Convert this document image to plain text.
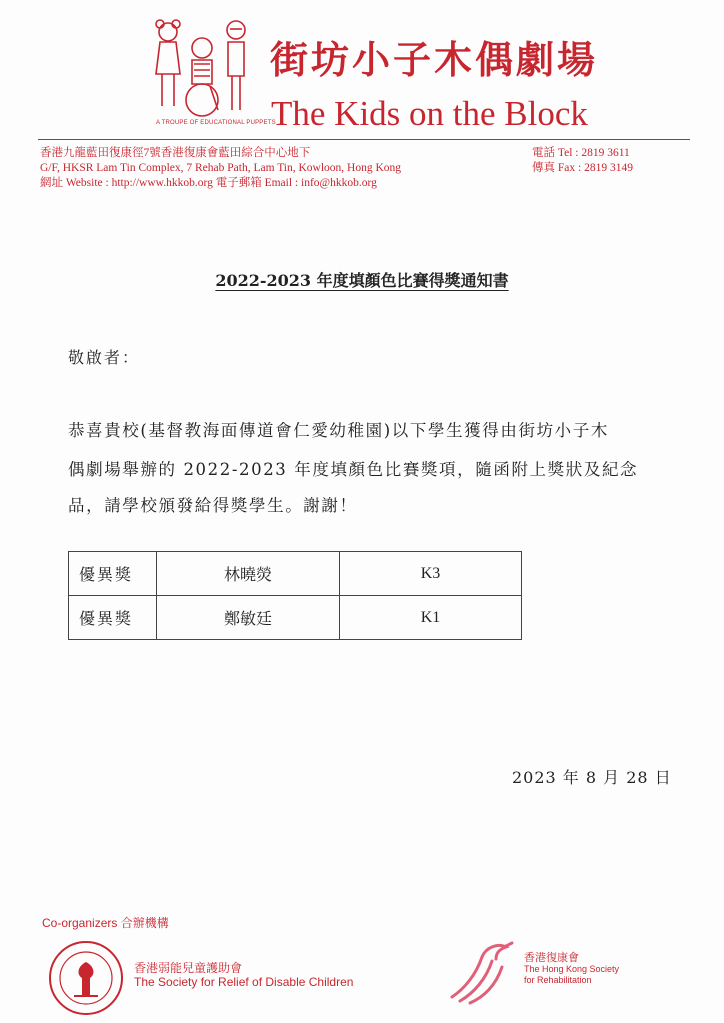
街坊小子木偶劇場
The Kids on the Block
A TROUPE OF EDUCATIONAL PUPPETS
香港九龍藍田復康徑7號香港復康會藍田綜合中心地下
G/F, HKSR Lam Tin Complex, 7 Rehab Path, Lam Tin, Kowloon, Hong Kong
網址 Website : http://www.hkkob.org 電子郵箱 Email : info@hkkob.org
電話 Tel : 2819 3611
傳真 Fax : 2819 3149
2022-2023 年度填顏色比賽得獎通知書
敬啟者：
恭喜貴校(基督教海面傳道會仁愛幼稚園)以下學生獲得由街坊小子木
偶劇場舉辦的 2022-2023 年度填顏色比賽獎項，隨函附上獎狀及紀念
品，請學校頒發給得獎學生。謝謝！
優異獎	林曉熒	K3
優異獎	鄭敏廷	K1
2023 年 8 月 28 日
Co-organizers 合辦機構
香港弱能兒童護助會
The Society for Relief of Disable Children
香港復康會
The Hong Kong Society
for Rehabilitation
